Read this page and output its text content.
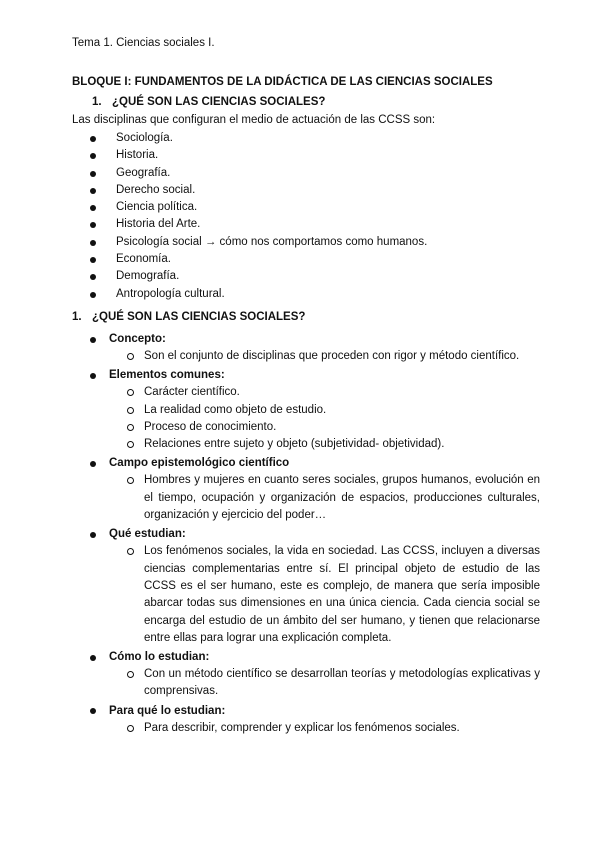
Tema 1. Ciencias sociales I.
BLOQUE I: FUNDAMENTOS DE LA DIDÁCTICA DE LAS CIENCIAS SOCIALES
1. ¿QUÉ SON LAS CIENCIAS SOCIALES?
Las disciplinas que configuran el medio de actuación de las CCSS son:
Sociología.
Historia.
Geografía.
Derecho social.
Ciencia política.
Historia del Arte.
Psicología social → cómo nos comportamos como humanos.
Economía.
Demografía.
Antropología cultural.
1. ¿QUÉ SON LAS CIENCIAS SOCIALES?
Concepto:
Son el conjunto de disciplinas que proceden con rigor y método científico.
Elementos comunes:
Carácter científico.
La realidad como objeto de estudio.
Proceso de conocimiento.
Relaciones entre sujeto y objeto (subjetividad- objetividad).
Campo epistemológico científico
Hombres y mujeres en cuanto seres sociales, grupos humanos, evolución en el tiempo, ocupación y organización de espacios, producciones culturales, organización y ejercicio del poder…
Qué estudian:
Los fenómenos sociales, la vida en sociedad. Las CCSS, incluyen a diversas ciencias complementarias entre sí. El principal objeto de estudio de las CCSS es el ser humano, este es complejo, de manera que sería imposible abarcar todas sus dimensiones en una única ciencia. Cada ciencia social se encarga del estudio de un ámbito del ser humano, y tienen que relacionarse entre ellas para lograr una explicación completa.
Cómo lo estudian:
Con un método científico se desarrollan teorías y metodologías explicativas y comprensivas.
Para qué lo estudian:
Para describir, comprender y explicar los fenómenos sociales.
